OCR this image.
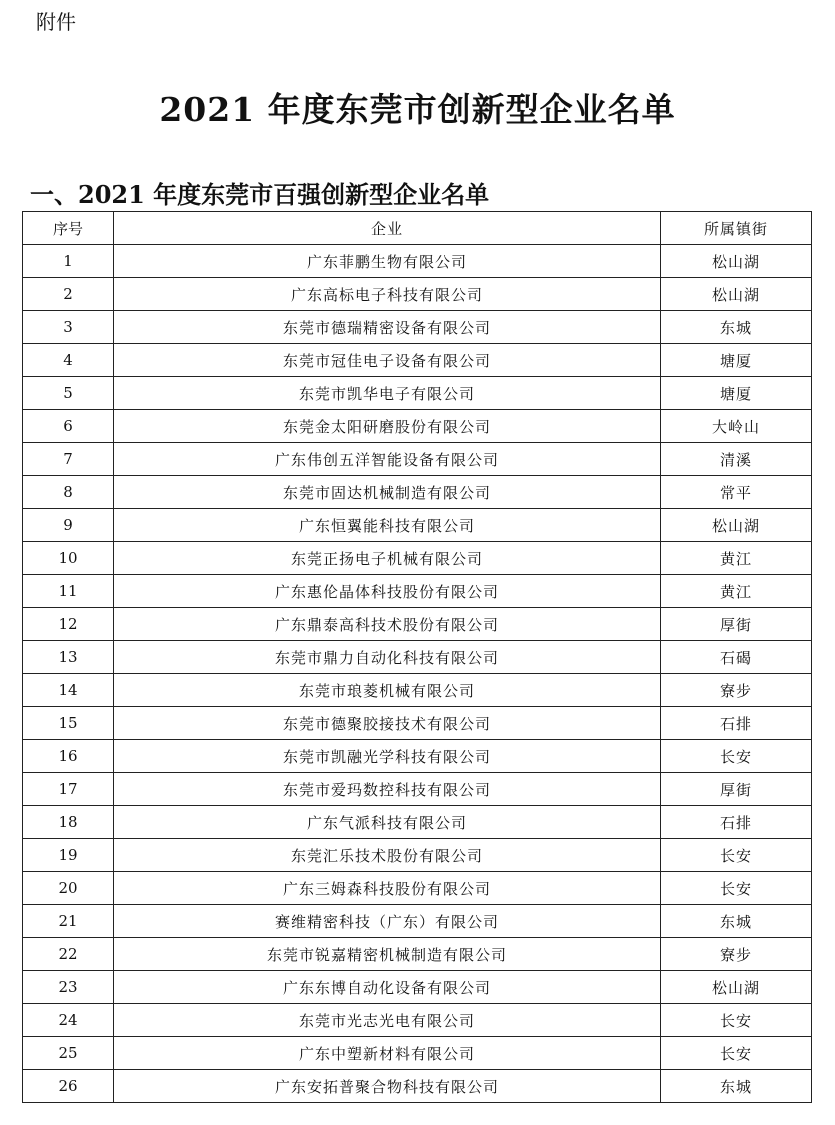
附件
2021 年度东莞市创新型企业名单
一、2021 年度东莞市百强创新型企业名单
序号	企业	所属镇街
1	广东菲鹏生物有限公司	松山湖
2	广东高标电子科技有限公司	松山湖
3	东莞市德瑞精密设备有限公司	东城
4	东莞市冠佳电子设备有限公司	塘厦
5	东莞市凯华电子有限公司	塘厦
6	东莞金太阳研磨股份有限公司	大岭山
7	广东伟创五洋智能设备有限公司	清溪
8	东莞市固达机械制造有限公司	常平
9	广东恒翼能科技有限公司	松山湖
10	东莞正扬电子机械有限公司	黄江
11	广东惠伦晶体科技股份有限公司	黄江
12	广东鼎泰高科技术股份有限公司	厚街
13	东莞市鼎力自动化科技有限公司	石碣
14	东莞市琅菱机械有限公司	寮步
15	东莞市德聚胶接技术有限公司	石排
16	东莞市凯融光学科技有限公司	长安
17	东莞市爱玛数控科技有限公司	厚街
18	广东气派科技有限公司	石排
19	东莞汇乐技术股份有限公司	长安
20	广东三姆森科技股份有限公司	长安
21	赛维精密科技（广东）有限公司	东城
22	东莞市锐嘉精密机械制造有限公司	寮步
23	广东东博自动化设备有限公司	松山湖
24	东莞市光志光电有限公司	长安
25	广东中塑新材料有限公司	长安
26	广东安拓普聚合物科技有限公司	东城
